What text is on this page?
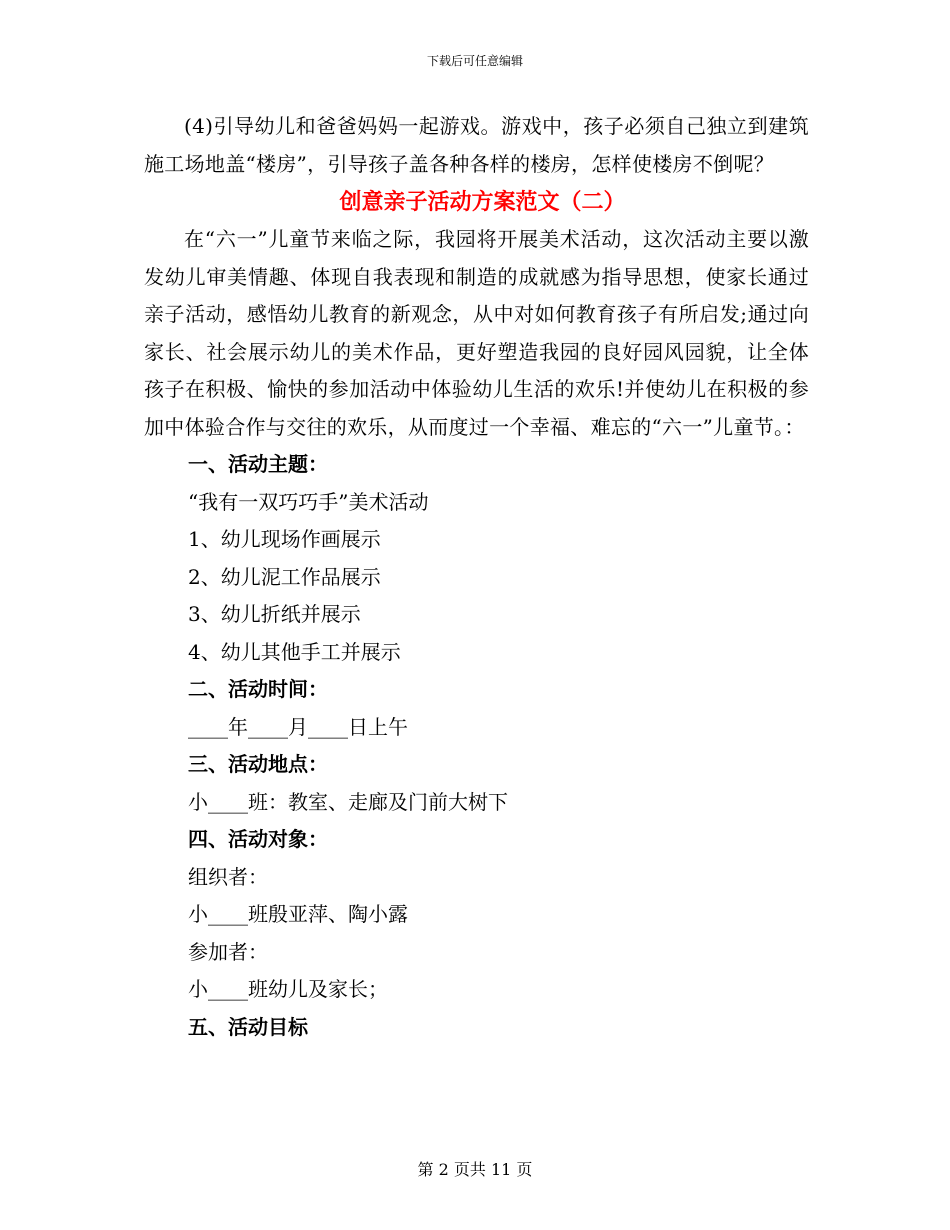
下载后可任意编辑

(4)引导幼儿和爸爸妈妈一起游戏。游戏中，孩子必须自己独立到建筑施工场地盖“楼房”，引导孩子盖各种各样的楼房，怎样使楼房不倒呢？

创意亲子活动方案范文（二）

在“六一”儿童节来临之际，我园将开展美术活动，这次活动主要以激发幼儿审美情趣、体现自我表现和制造的成就感为指导思想，使家长通过亲子活动，感悟幼儿教育的新观念，从中对如何教育孩子有所启发;通过向家长、社会展示幼儿的美术作品，更好塑造我园的良好园风园貌，让全体孩子在积极、愉快的参加活动中体验幼儿生活的欢乐!并使幼儿在积极的参加中体验合作与交往的欢乐，从而度过一个幸福、难忘的“六一”儿童节。：

一、活动主题：

“我有一双巧巧手”美术活动

1、幼儿现场作画展示

2、幼儿泥工作品展示

3、幼儿折纸并展示

4、幼儿其他手工并展示

二、活动时间：

____年____月____日上午

三、活动地点：

小____班：教室、走廊及门前大树下

四、活动对象：

组织者：

小____班殷亚萍、陶小露

参加者：

小____班幼儿及家长；

五、活动目标

第 2 页共 11 页
